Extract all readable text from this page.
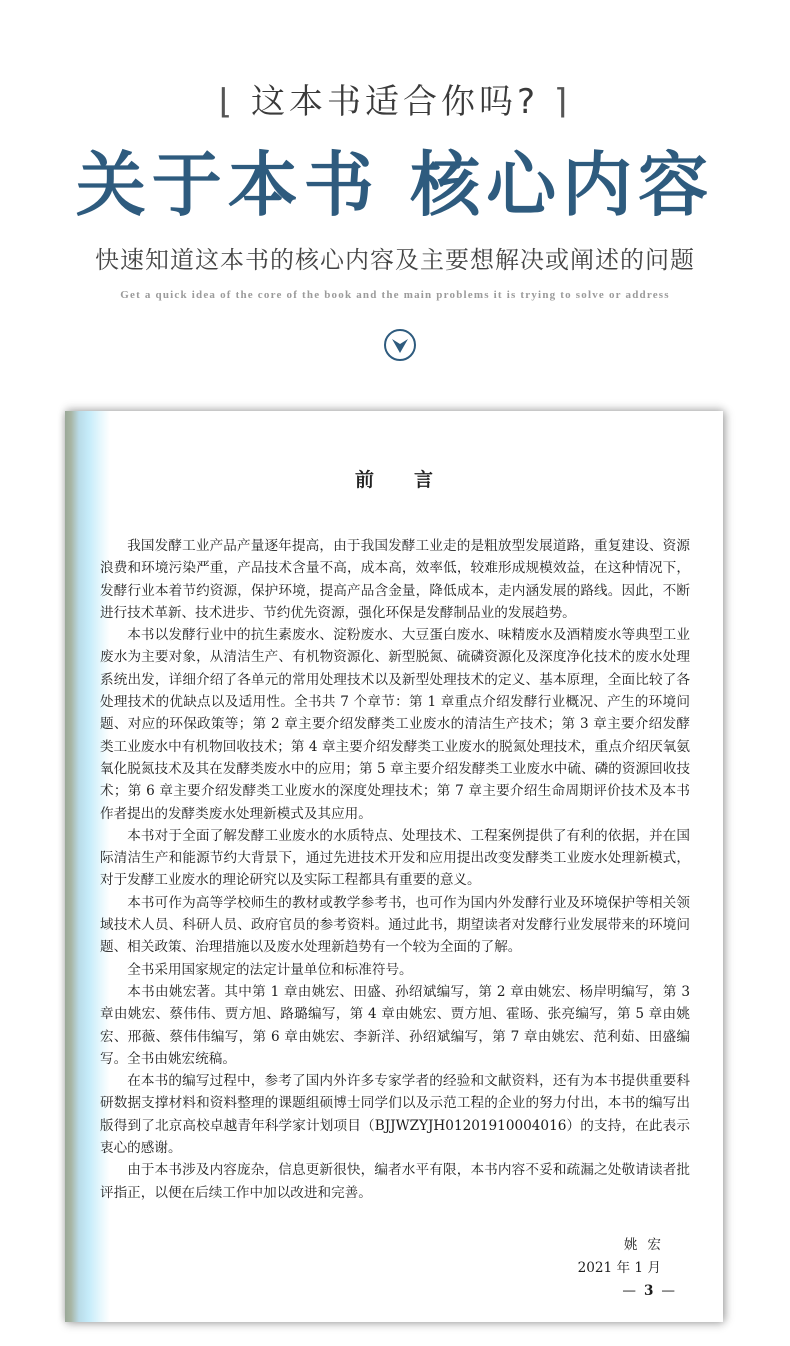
⌊ 这本书适合你吗? ⌉
关于本书 核心内容
快速知道这本书的核心内容及主要想解决或阐述的问题
Get a quick idea of the core of the book and the main problems it is trying to solve or address
前言

我国发酵工业产品产量逐年提高，由于我国发酵工业走的是粗放型发展道路，重复建设、资源浪费和环境污染严重，产品技术含量不高，成本高，效率低，较难形成规模效益，在这种情况下，发酵行业本着节约资源，保护环境，提高产品含金量，降低成本，走内涵发展的路线。因此，不断进行技术革新、技术进步、节约优先资源，强化环保是发酵制品业的发展趋势。

本书以发酵行业中的抗生素废水、淀粉废水、大豆蛋白废水、味精废水及酒精废水等典型工业废水为主要对象，从清洁生产、有机物资源化、新型脱氮、硫磷资源化及深度净化技术的废水处理系统出发，详细介绍了各单元的常用处理技术以及新型处理技术的定义、基本原理，全面比较了各处理技术的优缺点以及适用性。全书共 7 个章节：第 1 章重点介绍发酵行业概况、产生的环境问题、对应的环保政策等；第 2 章主要介绍发酵类工业废水的清洁生产技术；第 3 章主要介绍发酵类工业废水中有机物回收技术；第 4 章主要介绍发酵类工业废水的脱氮处理技术，重点介绍厌氧氨氧化脱氮技术及其在发酵类废水中的应用；第 5 章主要介绍发酵类工业废水中硫、磷的资源回收技术；第 6 章主要介绍发酵类工业废水的深度处理技术；第 7 章主要介绍生命周期评价技术及本书作者提出的发酵类废水处理新模式及其应用。

本书对于全面了解发酵工业废水的水质特点、处理技术、工程案例提供了有利的依据，并在国际清洁生产和能源节约大背景下，通过先进技术开发和应用提出改变发酵类工业废水处理新模式，对于发酵工业废水的理论研究以及实际工程都具有重要的意义。

本书可作为高等学校师生的教材或教学参考书，也可作为国内外发酵行业及环境保护等相关领域技术人员、科研人员、政府官员的参考资料。通过此书，期望读者对发酵行业发展带来的环境问题、相关政策、治理措施以及废水处理新趋势有一个较为全面的了解。

全书采用国家规定的法定计量单位和标准符号。

本书由姚宏著。其中第 1 章由姚宏、田盛、孙绍斌编写，第 2 章由姚宏、杨岸明编写，第 3 章由姚宏、蔡伟伟、贾方旭、路璐编写，第 4 章由姚宏、贾方旭、霍旸、张亮编写，第 5 章由姚宏、邢薇、蔡伟伟编写，第 6 章由姚宏、李新洋、孙绍斌编写，第 7 章由姚宏、范利茹、田盛编写。全书由姚宏统稿。

在本书的编写过程中，参考了国内外许多专家学者的经验和文献资料，还有为本书提供重要科研数据支撑材料和资料整理的课题组硕博士同学们以及示范工程的企业的努力付出，本书的编写出版得到了北京高校卓越青年科学家计划项目（BJJWZYJH01201910004016）的支持，在此表示衷心的感谢。

由于本书涉及内容庞杂，信息更新很快，编者水平有限，本书内容不妥和疏漏之处敬请读者批评指正，以便在后续工作中加以改进和完善。

姚宏
2021 年 1 月
— 3 —
